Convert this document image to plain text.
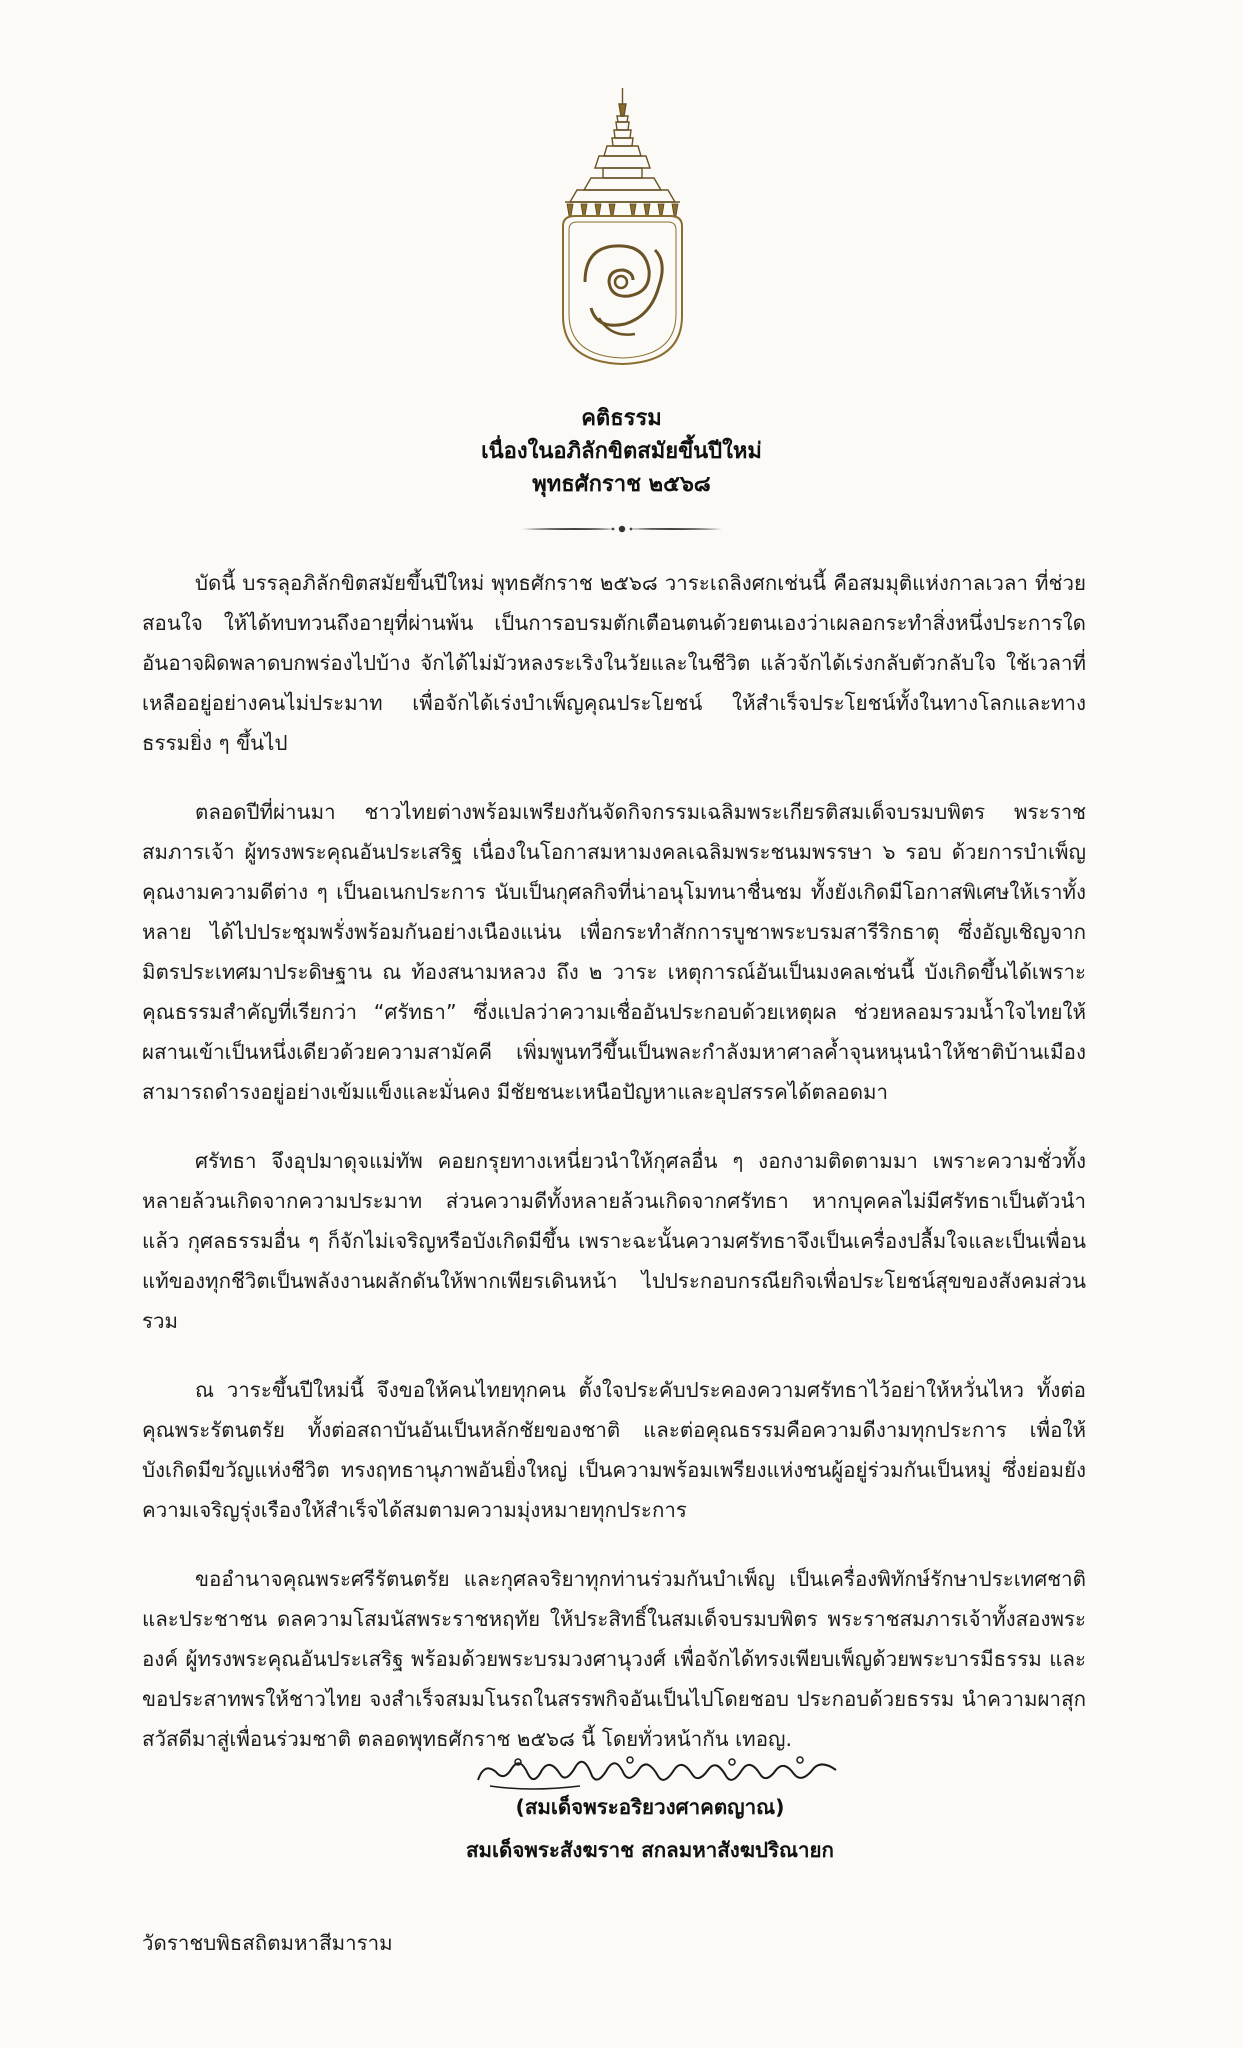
คติธรรม
เนื่องในอภิลักขิตสมัยขึ้นปีใหม่
พุทธศักราช ๒๕๖๘

บัดนี้ บรรลุอภิลักขิตสมัยขึ้นปีใหม่ พุทธศักราช ๒๕๖๘ วาระเถลิงศกเช่นนี้ คือสมมุติแห่งกาลเวลา ที่ช่วยสอนใจ ให้ได้ทบทวนถึงอายุที่ผ่านพ้น เป็นการอบรมตักเตือนตนด้วยตนเองว่าเผลอกระทำสิ่งหนึ่งประการใด อันอาจผิดพลาดบกพร่องไปบ้าง จักได้ไม่มัวหลงระเริงในวัยและในชีวิต แล้วจักได้เร่งกลับตัวกลับใจ ใช้เวลาที่เหลืออยู่อย่างคนไม่ประมาท เพื่อจักได้เร่งบำเพ็ญคุณประโยชน์ ให้สำเร็จประโยชน์ทั้งในทางโลกและทางธรรมยิ่ง ๆ ขึ้นไป

ตลอดปีที่ผ่านมา ชาวไทยต่างพร้อมเพรียงกันจัดกิจกรรมเฉลิมพระเกียรติสมเด็จบรมบพิตร พระราชสมภารเจ้า ผู้ทรงพระคุณอันประเสริฐ เนื่องในโอกาสมหามงคลเฉลิมพระชนมพรรษา ๖ รอบ ด้วยการบำเพ็ญคุณงามความดีต่าง ๆ เป็นอเนกประการ นับเป็นกุศลกิจที่น่าอนุโมทนาชื่นชม ทั้งยังเกิดมีโอกาสพิเศษให้เราทั้งหลาย ได้ไปประชุมพรั่งพร้อมกันอย่างเนืองแน่น เพื่อกระทำสักการบูชาพระบรมสารีริกธาตุ ซึ่งอัญเชิญจากมิตรประเทศมาประดิษฐาน ณ ท้องสนามหลวง ถึง ๒ วาระ เหตุการณ์อันเป็นมงคลเช่นนี้ บังเกิดขึ้นได้เพราะคุณธรรมสำคัญที่เรียกว่า “ศรัทธา” ซึ่งแปลว่าความเชื่ออันประกอบด้วยเหตุผล ช่วยหลอมรวมน้ำใจไทยให้ผสานเข้าเป็นหนึ่งเดียวด้วยความสามัคคี เพิ่มพูนทวีขึ้นเป็นพละกำลังมหาศาลค้ำจุนหนุนนำให้ชาติบ้านเมือง สามารถดำรงอยู่อย่างเข้มแข็งและมั่นคง มีชัยชนะเหนือปัญหาและอุปสรรคได้ตลอดมา

ศรัทธา จึงอุปมาดุจแม่ทัพ คอยกรุยทางเหนี่ยวนำให้กุศลอื่น ๆ งอกงามติดตามมา เพราะความชั่วทั้งหลายล้วนเกิดจากความประมาท ส่วนความดีทั้งหลายล้วนเกิดจากศรัทธา หากบุคคลไม่มีศรัทธาเป็นตัวนำแล้ว กุศลธรรมอื่น ๆ ก็จักไม่เจริญหรือบังเกิดมีขึ้น เพราะฉะนั้นความศรัทธาจึงเป็นเครื่องปลื้มใจและเป็นเพื่อนแท้ของทุกชีวิตเป็นพลังงานผลักดันให้พากเพียรเดินหน้า ไปประกอบกรณียกิจเพื่อประโยชน์สุขของสังคมส่วนรวม

ณ วาระขึ้นปีใหม่นี้ จึงขอให้คนไทยทุกคน ตั้งใจประคับประคองความศรัทธาไว้อย่าให้หวั่นไหว ทั้งต่อคุณพระรัตนตรัย ทั้งต่อสถาบันอันเป็นหลักชัยของชาติ และต่อคุณธรรมคือความดีงามทุกประการ เพื่อให้บังเกิดมีขวัญแห่งชีวิต ทรงฤทธานุภาพอันยิ่งใหญ่ เป็นความพร้อมเพรียงแห่งชนผู้อยู่ร่วมกันเป็นหมู่ ซึ่งย่อมยังความเจริญรุ่งเรืองให้สำเร็จได้สมตามความมุ่งหมายทุกประการ

ขออำนาจคุณพระศรีรัตนตรัย และกุศลจริยาทุกท่านร่วมกันบำเพ็ญ เป็นเครื่องพิทักษ์รักษาประเทศชาติและประชาชน ดลความโสมนัสพระราชหฤทัย ให้ประสิทธิ์ในสมเด็จบรมบพิตร พระราชสมภารเจ้าทั้งสองพระองค์ ผู้ทรงพระคุณอันประเสริฐ พร้อมด้วยพระบรมวงศานุวงศ์ เพื่อจักได้ทรงเพียบเพ็ญด้วยพระบารมีธรรม และขอประสาทพรให้ชาวไทย จงสำเร็จสมมโนรถในสรรพกิจอันเป็นไปโดยชอบ ประกอบด้วยธรรม นำความผาสุกสวัสดีมาสู่เพื่อนร่วมชาติ ตลอดพุทธศักราช ๒๕๖๘ นี้ โดยทั่วหน้ากัน เทอญ.

(สมเด็จพระอริยวงศาคตญาณ)
สมเด็จพระสังฆราช สกลมหาสังฆปริณายก
วัดราชบพิธสถิตมหาสีมาราม
